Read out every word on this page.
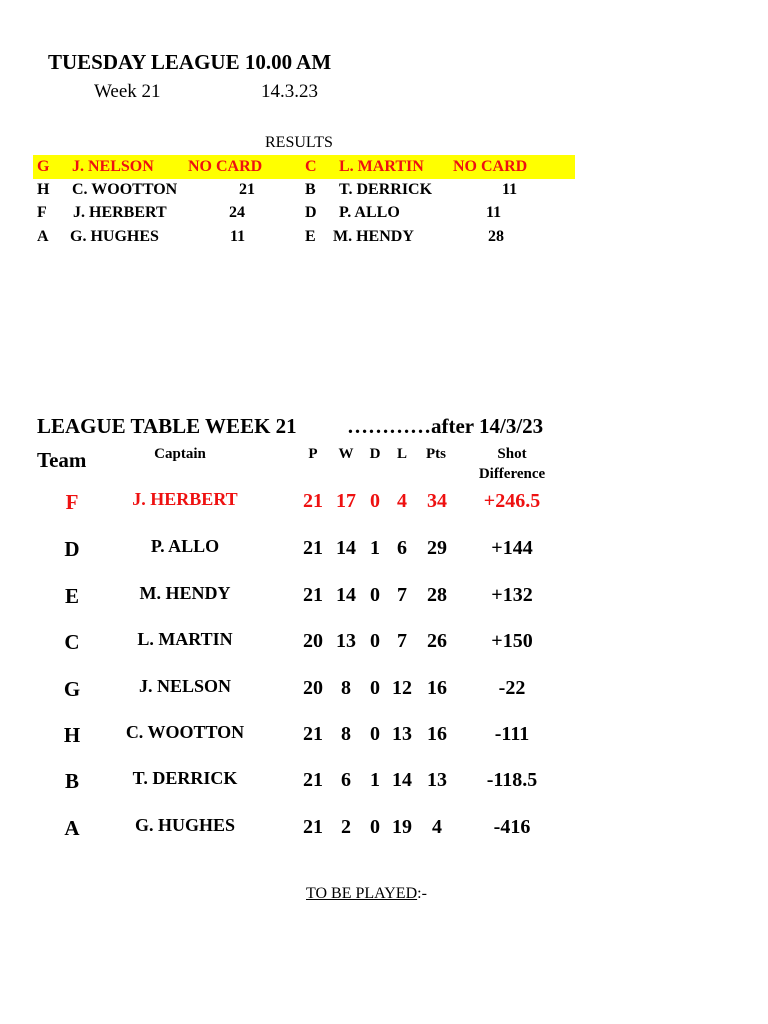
TUESDAY LEAGUE 10.00 AM
Week 21	14.3.23
RESULTS
G J. NELSON NO CARD	C L. MARTIN NO CARD
H C. WOOTTON	21	B T. DERRICK	11
F J. HERBERT	24	D P. ALLO	11
A G. HUGHES	11	E M. HENDY	28
LEAGUE TABLE WEEK 21 …………after 14/3/23
Team	Captain	P	W	D	L	Pts	Shot
Difference
F	J. HERBERT	21 17 0 4	34	+246.5
D	P. ALLO	21 14 1 6	29	+144
E	M. HENDY	21 14 0 7	28	+132
C	L. MARTIN	20 13 0 7	26	+150
G	J. NELSON	20 8 0 12 16	-22
H	C. WOOTTON	21 8 0 13 16	-111
B	T. DERRICK	21 6 1 14 13	-118.5
A	G. HUGHES	21 2 0 19	4	-416
TO BE PLAYED:-
